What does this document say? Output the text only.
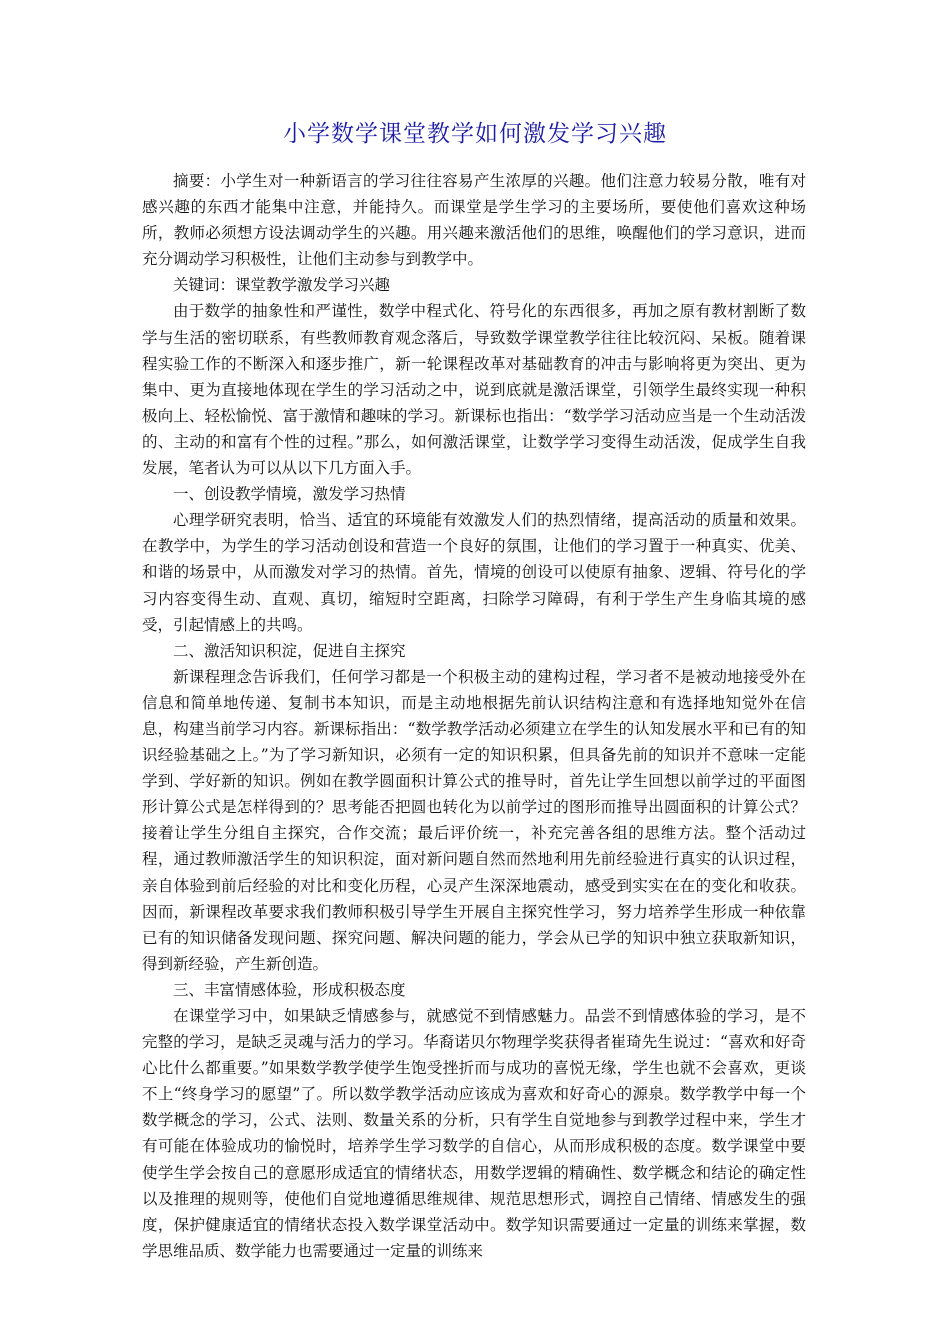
小学数学课堂教学如何激发学习兴趣

摘要：小学生对一种新语言的学习往往容易产生浓厚的兴趣。他们注意力较易分散，唯有对感兴趣的东西才能集中注意，并能持久。而课堂是学生学习的主要场所，要使他们喜欢这种场所，教师必须想方设法调动学生的兴趣。用兴趣来激活他们的思维，唤醒他们的学习意识，进而充分调动学习积极性，让他们主动参与到教学中。

关键词：课堂教学激发学习兴趣

由于数学的抽象性和严谨性，数学中程式化、符号化的东西很多，再加之原有教材割断了数学与生活的密切联系，有些教师教育观念落后，导致数学课堂教学往往比较沉闷、呆板。随着课程实验工作的不断深入和逐步推广，新一轮课程改革对基础教育的冲击与影响将更为突出、更为集中、更为直接地体现在学生的学习活动之中，说到底就是激活课堂，引领学生最终实现一种积极向上、轻松愉悦、富于激情和趣味的学习。新课标也指出：“数学学习活动应当是一个生动活泼的、主动的和富有个性的过程。”那么，如何激活课堂，让数学学习变得生动活泼，促成学生自我发展，笔者认为可以从以下几方面入手。

一、创设教学情境，激发学习热情

心理学研究表明，恰当、适宜的环境能有效激发人们的热烈情绪，提高活动的质量和效果。在教学中，为学生的学习活动创设和营造一个良好的氛围，让他们的学习置于一种真实、优美、和谐的场景中，从而激发对学习的热情。首先，情境的创设可以使原有抽象、逻辑、符号化的学习内容变得生动、直观、真切，缩短时空距离，扫除学习障碍，有利于学生产生身临其境的感受，引起情感上的共鸣。

二、激活知识积淀，促进自主探究

新课程理念告诉我们，任何学习都是一个积极主动的建构过程，学习者不是被动地接受外在信息和简单地传递、复制书本知识，而是主动地根据先前认识结构注意和有选择地知觉外在信息，构建当前学习内容。新课标指出：“数学教学活动必须建立在学生的认知发展水平和已有的知识经验基础之上。”为了学习新知识，必须有一定的知识积累，但具备先前的知识并不意味一定能学到、学好新的知识。例如在教学圆面积计算公式的推导时，首先让学生回想以前学过的平面图形计算公式是怎样得到的？思考能否把圆也转化为以前学过的图形而推导出圆面积的计算公式？接着让学生分组自主探究，合作交流；最后评价统一，补充完善各组的思维方法。整个活动过程，通过教师激活学生的知识积淀，面对新问题自然而然地利用先前经验进行真实的认识过程，亲自体验到前后经验的对比和变化历程，心灵产生深深地震动，感受到实实在在的变化和收获。因而，新课程改革要求我们教师积极引导学生开展自主探究性学习，努力培养学生形成一种依靠已有的知识储备发现问题、探究问题、解决问题的能力，学会从已学的知识中独立获取新知识，得到新经验，产生新创造。

三、丰富情感体验，形成积极态度

在课堂学习中，如果缺乏情感参与，就感觉不到情感魅力。品尝不到情感体验的学习，是不完整的学习，是缺乏灵魂与活力的学习。华裔诺贝尔物理学奖获得者崔琦先生说过：“喜欢和好奇心比什么都重要。”如果数学教学使学生饱受挫折而与成功的喜悦无缘，学生也就不会喜欢，更谈不上“终身学习的愿望”了。所以数学教学活动应该成为喜欢和好奇心的源泉。数学教学中每一个数学概念的学习，公式、法则、数量关系的分析，只有学生自觉地参与到教学过程中来，学生才有可能在体验成功的愉悦时，培养学生学习数学的自信心，从而形成积极的态度。数学课堂中要使学生学会按自己的意愿形成适宜的情绪状态，用数学逻辑的精确性、数学概念和结论的确定性以及推理的规则等，使他们自觉地遵循思维规律、规范思想形式，调控自己情绪、情感发生的强度，保护健康适宜的情绪状态投入数学课堂活动中。数学知识需要通过一定量的训练来掌握，数学思维品质、数学能力也需要通过一定量的训练来
